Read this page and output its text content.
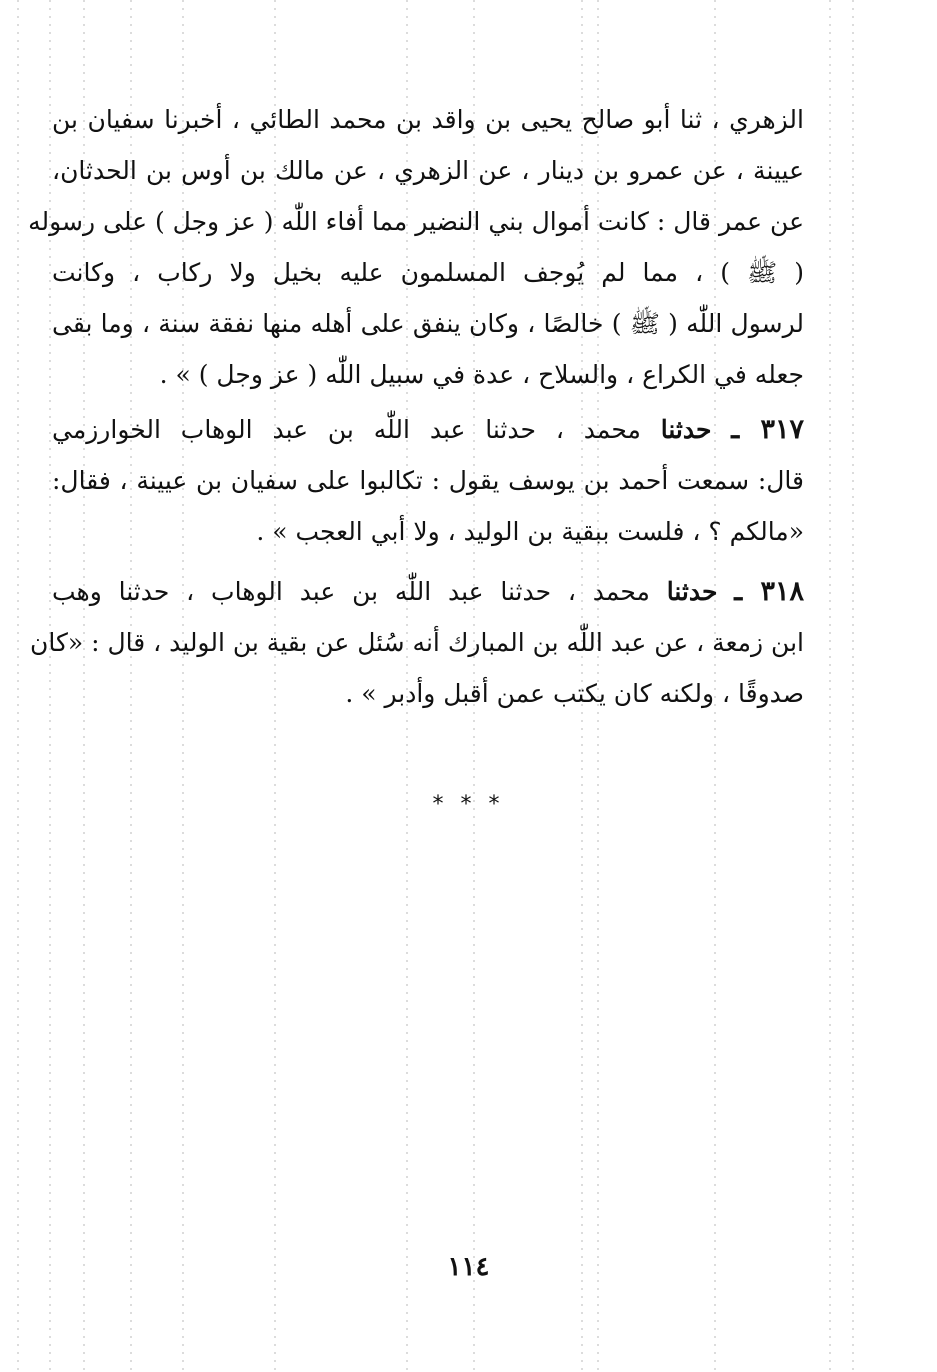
الزهري ، ثنا أبو صالح يحيى بن واقد بن محمد الطائي ، أخبرنا سفيان بن
عيينة ، عن عمرو بن دينار ، عن الزهري ، عن مالك بن أوس بن الحدثان،
عن عمر قال : كانت أموال بني النضير مما أفاء اللّٰه ( عز وجل ) على رسوله
( ﷺ ) ، مما لم يُوجف المسلمون عليه بخيل ولا ركاب ، وكانت
لرسول اللّٰه ( ﷺ ) خالصًا ، وكان ينفق على أهله منها نفقة سنة ، وما بقى
جعله في الكراع ، والسلاح ، عدة في سبيل اللّٰه ( عز وجل ) » .
٣١٧ ـ حدثنا محمد ، حدثنا عبد اللّٰه بن عبد الوهاب الخوارزمي
قال: سمعت أحمد بن يوسف يقول : تكالبوا على سفيان بن عيينة ، فقال:
«مالكم ؟ ، فلست ببقية بن الوليد ، ولا أبي العجب » .
٣١٨ ـ حدثنا محمد ، حدثنا عبد اللّٰه بن عبد الوهاب ، حدثنا وهب
ابن زمعة ، عن عبد اللّٰه بن المبارك أنه سُئل عن بقية بن الوليد ، قال : «كان
صدوقًا ، ولكنه كان يكتب عمن أقبل وأدبر » .
* * *
١١٤
